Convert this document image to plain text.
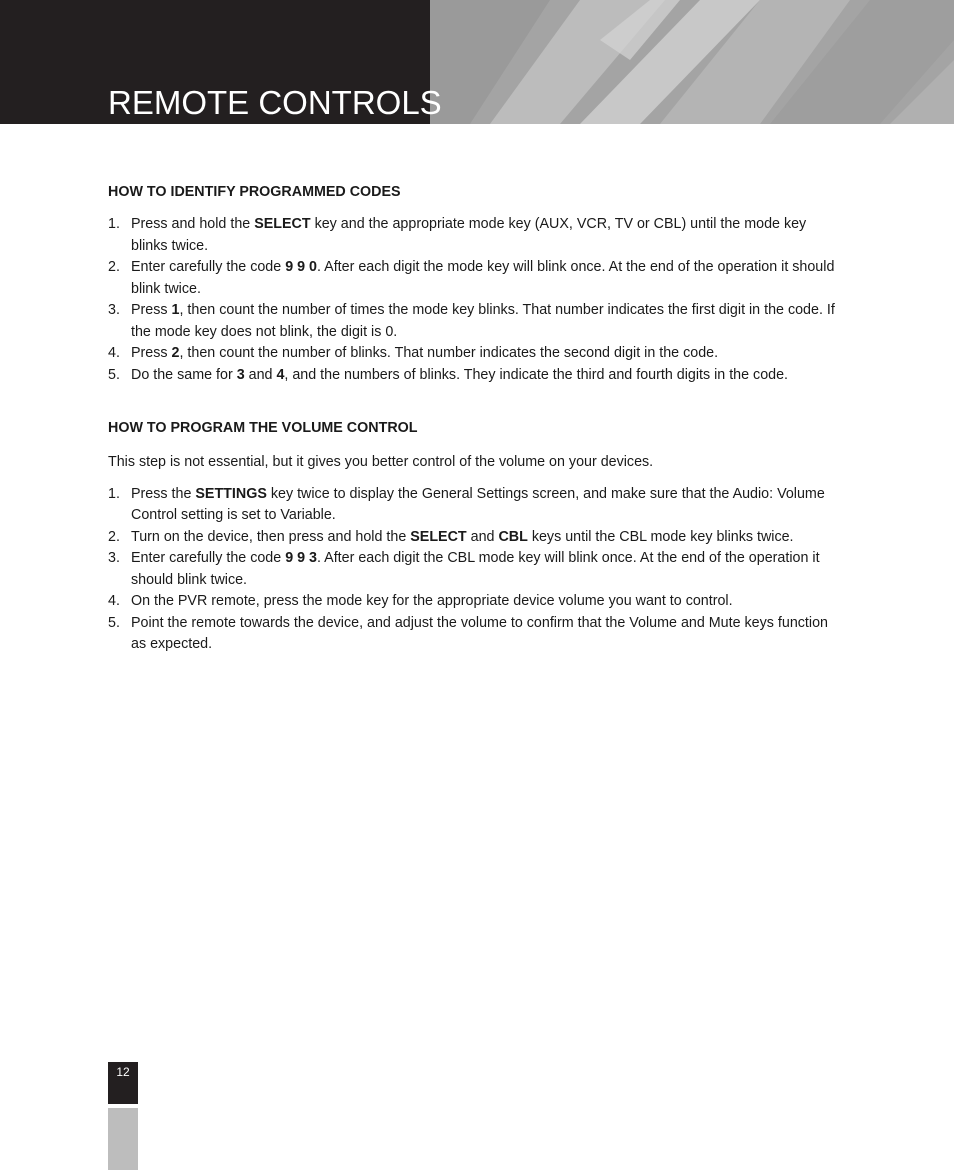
REMOTE CONTROLS
HOW TO IDENTIFY PROGRAMMED CODES
1. Press and hold the SELECT key and the appropriate mode key (AUX, VCR, TV or CBL) until the mode key blinks twice.
2. Enter carefully the code 9 9 0. After each digit the mode key will blink once. At the end of the operation it should blink twice.
3. Press 1, then count the number of times the mode key blinks. That number indicates the first digit in the code. If the mode key does not blink, the digit is 0.
4. Press 2, then count the number of blinks. That number indicates the second digit in the code.
5. Do the same for 3 and 4, and the numbers of blinks. They indicate the third and fourth digits in the code.
HOW TO PROGRAM THE VOLUME CONTROL

This step is not essential, but it gives you better control of the volume on your devices.

1. Press the SETTINGS key twice to display the General Settings screen, and make sure that the Audio: Volume Control setting is set to Variable.
2. Turn on the device, then press and hold the SELECT and CBL keys until the CBL mode key blinks twice.
3. Enter carefully the code 9 9 3. After each digit the CBL mode key will blink once. At the end of the operation it should blink twice.
4. On the PVR remote, press the mode key for the appropriate device volume you want to control.
5. Point the remote towards the device, and adjust the volume to confirm that the Volume and Mute keys function as expected.
12
